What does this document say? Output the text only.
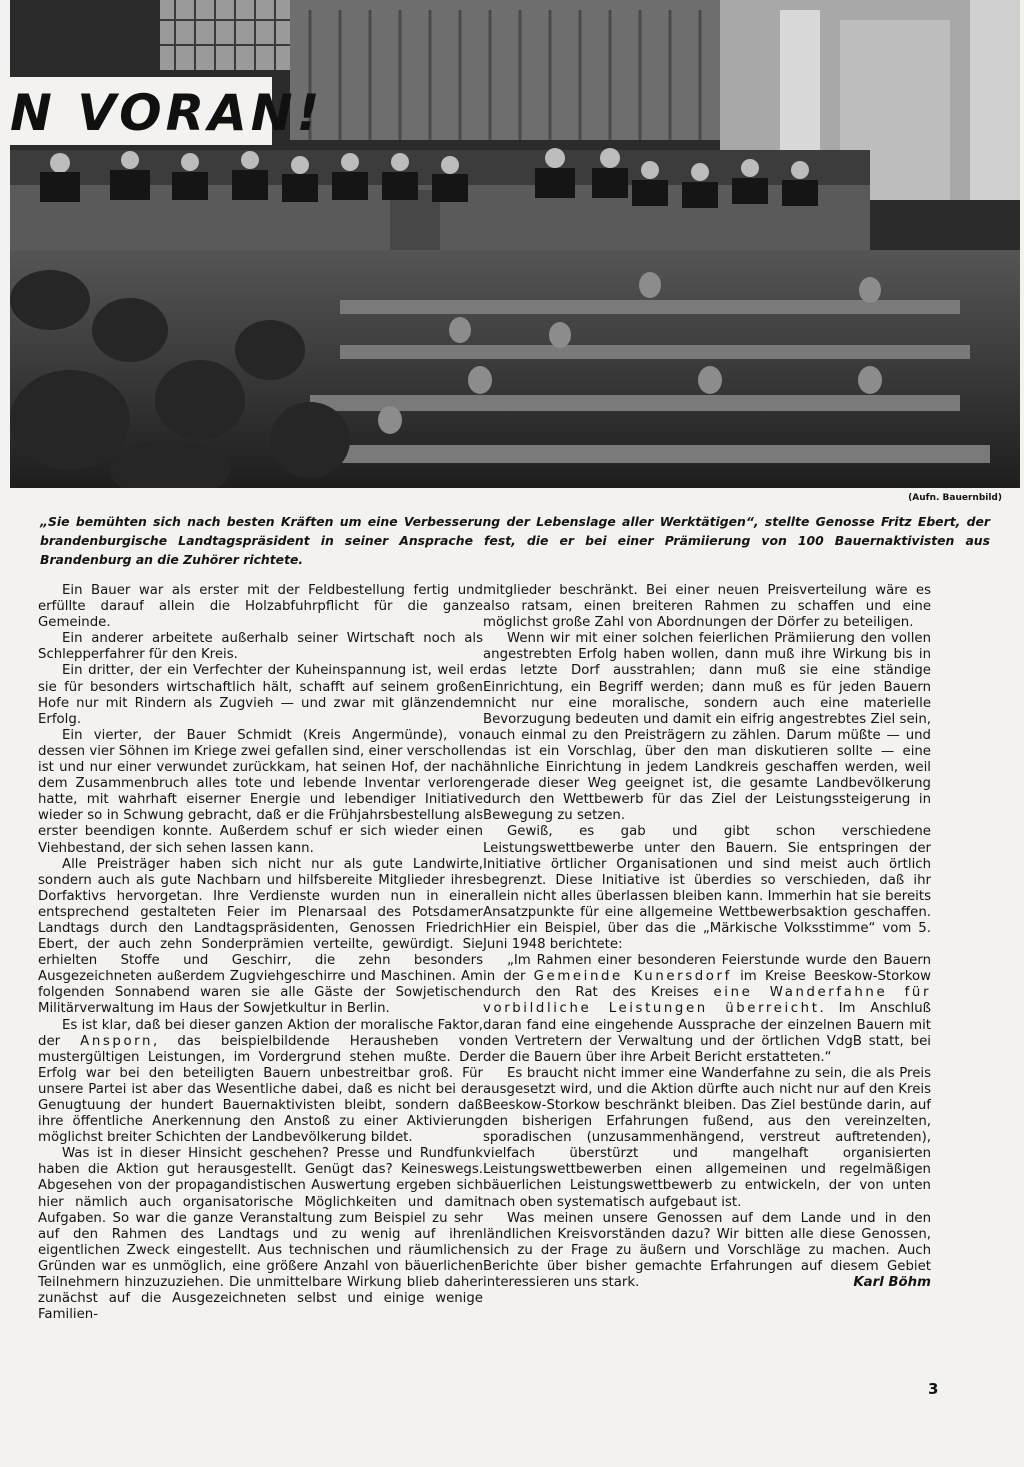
N VORAN!
(Aufn. Bauernbild)
„Sie bemühten sich nach besten Kräften um eine Verbesserung der Lebenslage aller Werktätigen“, stellte Genosse Fritz Ebert, der brandenburgische Landtagspräsident in seiner Ansprache fest, die er bei einer Prämiierung von 100 Bauernaktivisten aus Brandenburg an die Zuhörer richtete.

Ein Bauer war als erster mit der Feldbestellung fertig und erfüllte darauf allein die Holzabfuhrpflicht für die ganze Gemeinde.

Ein anderer arbeitete außerhalb seiner Wirtschaft noch als Schlepperfahrer für den Kreis.

Ein dritter, der ein Verfechter der Kuheinspannung ist, weil er sie für besonders wirtschaftlich hält, schafft auf seinem großen Hofe nur mit Rindern als Zugvieh — und zwar mit glänzendem Erfolg.

Ein vierter, der Bauer Schmidt (Kreis Angermünde), von dessen vier Söhnen im Kriege zwei gefallen sind, einer verschollen ist und nur einer verwundet zurückkam, hat seinen Hof, der nach dem Zusammenbruch alles tote und lebende Inventar verloren hatte, mit wahrhaft eiserner Energie und lebendiger Initiative wieder so in Schwung gebracht, daß er die Frühjahrsbestellung als erster beendigen konnte. Außerdem schuf er sich wieder einen Viehbestand, der sich sehen lassen kann.

Alle Preisträger haben sich nicht nur als gute Landwirte, sondern auch als gute Nachbarn und hilfsbereite Mitglieder ihres Dorfaktivs hervorgetan. Ihre Verdienste wurden nun in einer entsprechend gestalteten Feier im Plenarsaal des Potsdamer Landtags durch den Landtagspräsidenten, Genossen Friedrich Ebert, der auch zehn Sonderprämien verteilte, gewürdigt. Sie erhielten Stoffe und Geschirr, die zehn besonders Ausgezeichneten außerdem Zugviehgeschirre und Maschinen. Am folgenden Sonnabend waren sie alle Gäste der Sowjetischen Militärverwaltung im Haus der Sowjetkultur in Berlin.

Es ist klar, daß bei dieser ganzen Aktion der moralische Faktor, der Ansporn, das beispielbildende Herausheben von mustergültigen Leistungen, im Vordergrund stehen mußte. Der Erfolg war bei den beteiligten Bauern unbestreitbar groß. Für unsere Partei ist aber das Wesentliche dabei, daß es nicht bei der Genugtuung der hundert Bauernaktivisten bleibt, sondern daß ihre öffentliche Anerkennung den Anstoß zu einer Aktivierung möglichst breiter Schichten der Landbevölkerung bildet.

Was ist in dieser Hinsicht geschehen? Presse und Rundfunk haben die Aktion gut herausgestellt. Genügt das? Keineswegs. Abgesehen von der propagandistischen Auswertung ergeben sich hier nämlich auch organisatorische Möglichkeiten und damit Aufgaben. So war die ganze Veranstaltung zum Beispiel zu sehr auf den Rahmen des Landtags und zu wenig auf ihren eigentlichen Zweck eingestellt. Aus technischen und räumlichen Gründen war es unmöglich, eine größere Anzahl von bäuerlichen Teilnehmern hinzuzuziehen. Die unmittelbare Wirkung blieb daher zunächst auf die Ausgezeichneten selbst und einige wenige Familien-

mitglieder beschränkt. Bei einer neuen Preisverteilung wäre es also ratsam, einen breiteren Rahmen zu schaffen und eine möglichst große Zahl von Abordnungen der Dörfer zu beteiligen.

Wenn wir mit einer solchen feierlichen Prämiierung den vollen angestrebten Erfolg haben wollen, dann muß ihre Wirkung bis in das letzte Dorf ausstrahlen; dann muß sie eine ständige Einrichtung, ein Begriff werden; dann muß es für jeden Bauern nicht nur eine moralische, sondern auch eine materielle Bevorzugung bedeuten und damit ein eifrig angestrebtes Ziel sein, auch einmal zu den Preisträgern zu zählen. Darum müßte — und das ist ein Vorschlag, über den man diskutieren sollte — eine ähnliche Einrichtung in jedem Landkreis geschaffen werden, weil gerade dieser Weg geeignet ist, die gesamte Landbevölkerung durch den Wettbewerb für das Ziel der Leistungssteigerung in Bewegung zu setzen.

Gewiß, es gab und gibt schon verschiedene Leistungswettbewerbe unter den Bauern. Sie entspringen der Initiative örtlicher Organisationen und sind meist auch örtlich begrenzt. Diese Initiative ist überdies so verschieden, daß ihr allein nicht alles überlassen bleiben kann. Immerhin hat sie bereits Ansatzpunkte für eine allgemeine Wettbewerbsaktion geschaffen. Hier ein Beispiel, über das die „Märkische Volksstimme“ vom 5. Juni 1948 berichtete:

„Im Rahmen einer besonderen Feierstunde wurde den Bauern in der Gemeinde Kunersdorf im Kreise Beeskow-Storkow durch den Rat des Kreises eine Wanderfahne für vorbildliche Leistungen überreicht. Im Anschluß daran fand eine eingehende Aussprache der einzelnen Bauern mit den Vertretern der Verwaltung und der örtlichen VdgB statt, bei der die Bauern über ihre Arbeit Bericht erstatteten.“

Es braucht nicht immer eine Wanderfahne zu sein, die als Preis ausgesetzt wird, und die Aktion dürfte auch nicht nur auf den Kreis Beeskow-Storkow beschränkt bleiben. Das Ziel bestünde darin, auf den bisherigen Erfahrungen fußend, aus den vereinzelten, sporadischen (unzusammenhängend, verstreut auftretenden), vielfach überstürzt und mangelhaft organisierten Leistungswettbewerben einen allgemeinen und regelmäßigen bäuerlichen Leistungswettbewerb zu entwickeln, der von unten nach oben systematisch aufgebaut ist.

Was meinen unsere Genossen auf dem Lande und in den ländlichen Kreisvorständen dazu? Wir bitten alle diese Genossen, sich zu der Frage zu äußern und Vorschläge zu machen. Auch Berichte über bisher gemachte Erfahrungen auf diesem Gebiet interessieren uns stark.	Karl Böhm
3
